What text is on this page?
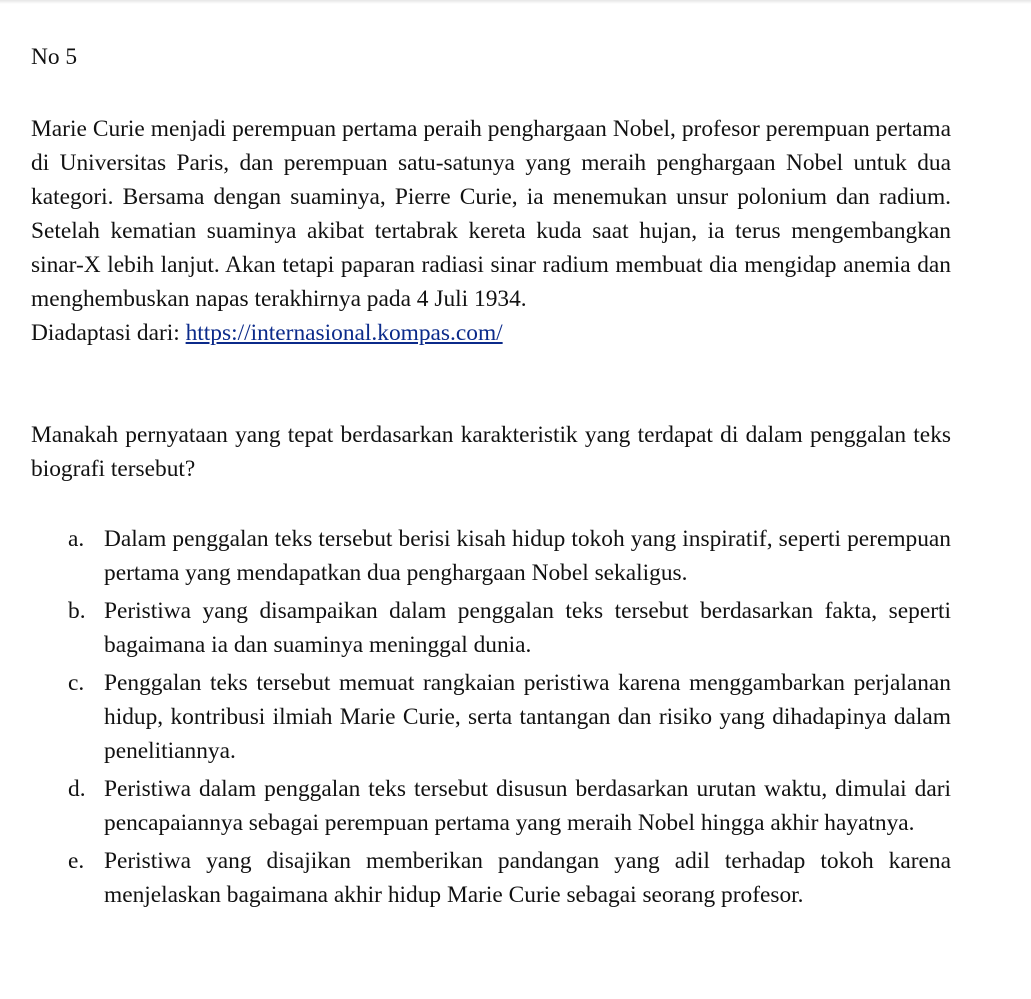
No 5

Marie Curie menjadi perempuan pertama peraih penghargaan Nobel, profesor perempuan pertama di Universitas Paris, dan perempuan satu-satunya yang meraih penghargaan Nobel untuk dua kategori. Bersama dengan suaminya, Pierre Curie, ia menemukan unsur polonium dan radium. Setelah kematian suaminya akibat tertabrak kereta kuda saat hujan, ia terus mengembangkan sinar-X lebih lanjut. Akan tetapi paparan radiasi sinar radium membuat dia mengidap anemia dan menghembuskan napas terakhirnya pada 4 Juli 1934.

Diadaptasi dari: https://internasional.kompas.com/

Manakah pernyataan yang tepat berdasarkan karakteristik yang terdapat di dalam penggalan teks biografi tersebut?

a. Dalam penggalan teks tersebut berisi kisah hidup tokoh yang inspiratif, seperti perempuan pertama yang mendapatkan dua penghargaan Nobel sekaligus.
b. Peristiwa yang disampaikan dalam penggalan teks tersebut berdasarkan fakta, seperti bagaimana ia dan suaminya meninggal dunia.
c. Penggalan teks tersebut memuat rangkaian peristiwa karena menggambarkan perjalanan hidup, kontribusi ilmiah Marie Curie, serta tantangan dan risiko yang dihadapinya dalam penelitiannya.
d. Peristiwa dalam penggalan teks tersebut disusun berdasarkan urutan waktu, dimulai dari pencapaiannya sebagai perempuan pertama yang meraih Nobel hingga akhir hayatnya.
e. Peristiwa yang disajikan memberikan pandangan yang adil terhadap tokoh karena menjelaskan bagaimana akhir hidup Marie Curie sebagai seorang profesor.
